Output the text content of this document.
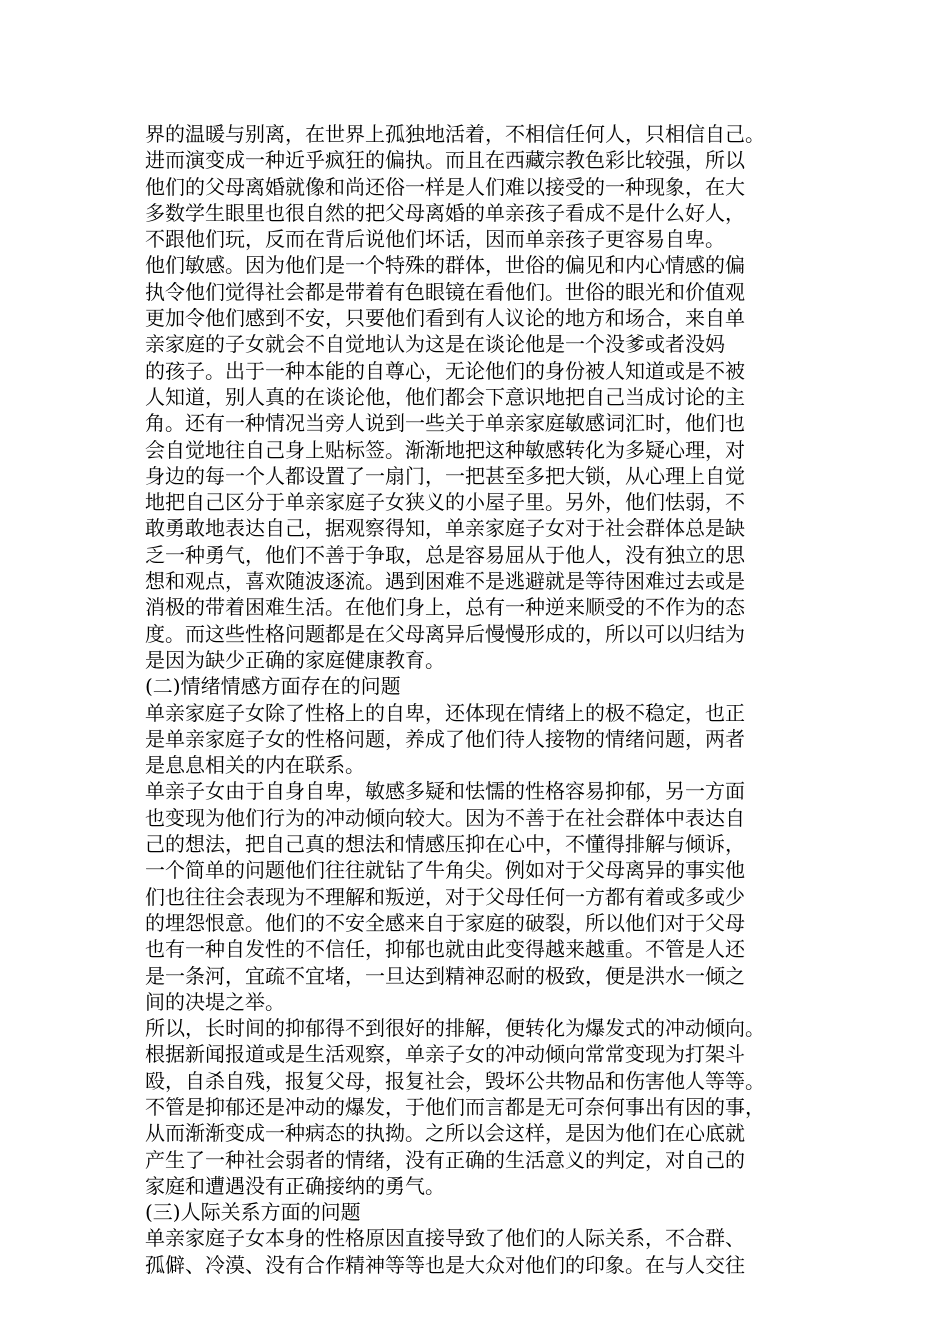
界的温暖与别离，在世界上孤独地活着，不相信任何人，只相信自己。
进而演变成一种近乎疯狂的偏执。而且在西藏宗教色彩比较强，所以
他们的父母离婚就像和尚还俗一样是人们难以接受的一种现象，在大
多数学生眼里也很自然的把父母离婚的单亲孩子看成不是什么好人，
不跟他们玩，反而在背后说他们坏话，因而单亲孩子更容易自卑。
他们敏感。因为他们是一个特殊的群体，世俗的偏见和内心情感的偏
执令他们觉得社会都是带着有色眼镜在看他们。世俗的眼光和价值观
更加令他们感到不安，只要他们看到有人议论的地方和场合，来自单
亲家庭的子女就会不自觉地认为这是在谈论他是一个没爹或者没妈
的孩子。出于一种本能的自尊心，无论他们的身份被人知道或是不被
人知道，别人真的在谈论他，他们都会下意识地把自己当成讨论的主
角。还有一种情况当旁人说到一些关于单亲家庭敏感词汇时，他们也
会自觉地往自己身上贴标签。渐渐地把这种敏感转化为多疑心理，对
身边的每一个人都设置了一扇门，一把甚至多把大锁，从心理上自觉
地把自己区分于单亲家庭子女狭义的小屋子里。另外，他们怯弱，不
敢勇敢地表达自己，据观察得知，单亲家庭子女对于社会群体总是缺
乏一种勇气，他们不善于争取，总是容易屈从于他人，没有独立的思
想和观点，喜欢随波逐流。遇到困难不是逃避就是等待困难过去或是
消极的带着困难生活。在他们身上，总有一种逆来顺受的不作为的态
度。而这些性格问题都是在父母离异后慢慢形成的，所以可以归结为
是因为缺少正确的家庭健康教育。
(二)情绪情感方面存在的问题
单亲家庭子女除了性格上的自卑，还体现在情绪上的极不稳定，也正
是单亲家庭子女的性格问题，养成了他们待人接物的情绪问题，两者
是息息相关的内在联系。
单亲子女由于自身自卑，敏感多疑和怯懦的性格容易抑郁，另一方面
也变现为他们行为的冲动倾向较大。因为不善于在社会群体中表达自
己的想法，把自己真的想法和情感压抑在心中，不懂得排解与倾诉，
一个简单的问题他们往往就钻了牛角尖。例如对于父母离异的事实他
们也往往会表现为不理解和叛逆，对于父母任何一方都有着或多或少
的埋怨恨意。他们的不安全感来自于家庭的破裂，所以他们对于父母
也有一种自发性的不信任，抑郁也就由此变得越来越重。不管是人还
是一条河，宜疏不宜堵，一旦达到精神忍耐的极致，便是洪水一倾之
间的决堤之举。
所以，长时间的抑郁得不到很好的排解，便转化为爆发式的冲动倾向。
根据新闻报道或是生活观察，单亲子女的冲动倾向常常变现为打架斗
殴，自杀自残，报复父母，报复社会，毁坏公共物品和伤害他人等等。
不管是抑郁还是冲动的爆发，于他们而言都是无可奈何事出有因的事，
从而渐渐变成一种病态的执拗。之所以会这样，是因为他们在心底就
产生了一种社会弱者的情绪，没有正确的生活意义的判定，对自己的
家庭和遭遇没有正确接纳的勇气。
(三)人际关系方面的问题
单亲家庭子女本身的性格原因直接导致了他们的人际关系，不合群、
孤僻、冷漠、没有合作精神等等也是大众对他们的印象。在与人交往
